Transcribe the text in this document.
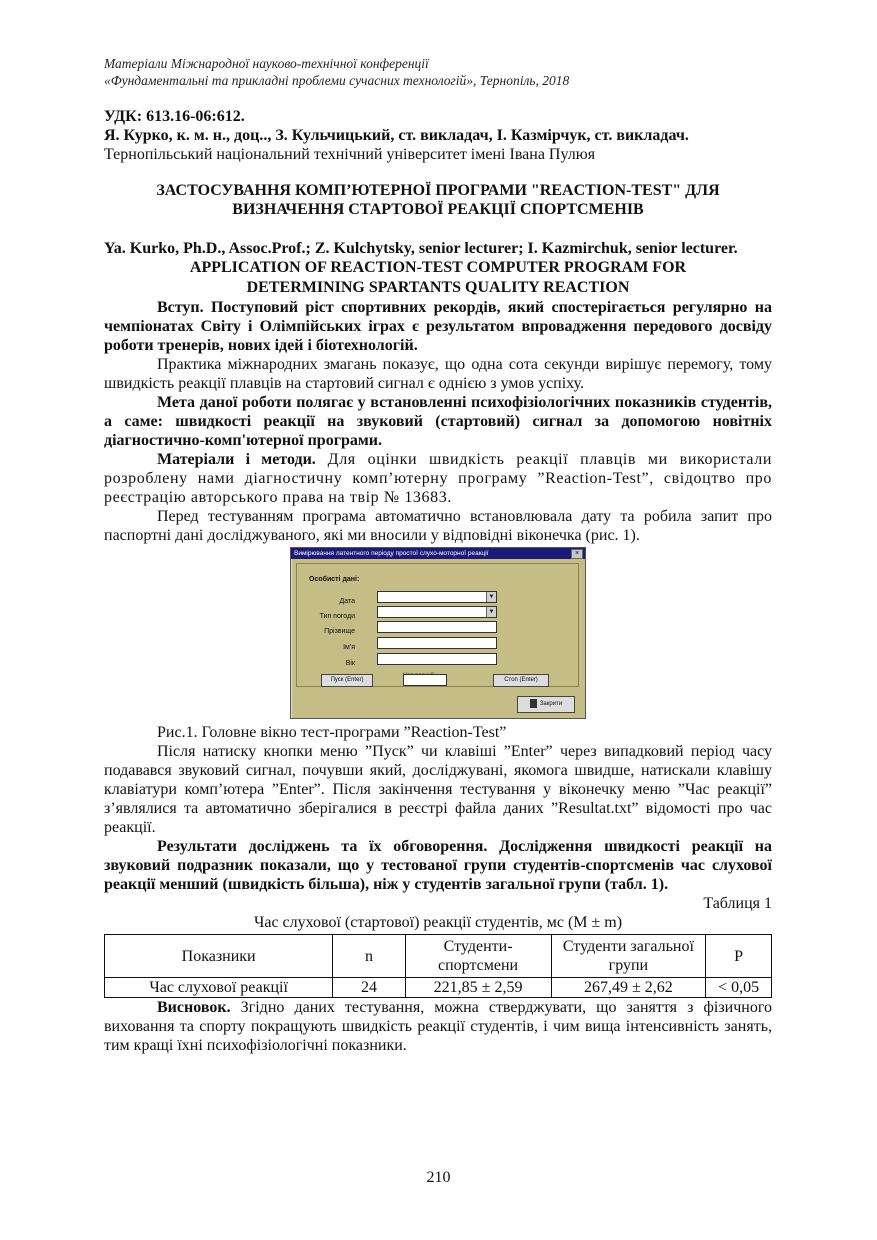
Матеріали Міжнародної науково-технічної конференції
«Фундаментальні та прикладні проблеми сучасних технологій», Тернопіль, 2018
УДК: 613.16-06:612.
Я. Курко, к. м. н., доц.., З. Кульчицький, ст. викладач, І. Казмірчук, ст. викладач.
Тернопільський національний технічний університет імені Івана Пулюя
ЗАСТОСУВАННЯ КОМП’ЮТЕРНОЇ ПРОГРАМИ "REACTION-TEST" ДЛЯ
ВИЗНАЧЕННЯ СТАРТОВОЇ РЕАКЦІЇ СПОРТСМЕНІВ
Ya. Kurko, Ph.D., Assoc.Prof.; Z. Kulchytsky, senior lecturer; I. Kazmirchuk, senior lecturer.
APPLICATION OF REACTION-TEST COMPUTER PROGRAM FOR
DETERMINING SPARTANTS QUALITY REACTION

Вступ. Поступовий ріст спортивних рекордів, який спостерігається регулярно на чемпіонатах Світу і Олімпійських іграх є результатом впровадження передового досвіду роботи тренерів, нових ідей і біотехнологій.

Практика міжнародних змагань показує, що одна сота секунди вирішує перемогу, тому швидкість реакції плавців на стартовий сигнал є однією з умов успіху.

Мета даної роботи полягає у встановленні психофізіологічних показників студентів, а саме: швидкості реакції на звуковий (стартовий) сигнал за допомогою новітніх діагностично-комп'ютерної програми.

Матеріали і методи. Для оцінки швидкість реакції плавців ми використали розроблену нами діагностичну комп’ютерну програму ”Reaction-Test”, свідоцтво про реєстрацію авторського права на твір № 13683.

Перед тестуванням програма автоматично встановлювала дату та робила запит про паспортні дані досліджуваного, які ми вносили у відповідні віконечка (рис. 1).

Вимірювання латентного періоду простої слухо-моторної реакції	×
Особисті дані:
Дата
▼
Тип погоди
▼
Прізвище
Ім'я
Вік
Пуск (Enter)	Стоп (Enter)
Закрити
Рис.1. Головне вікно тест-програми ”Reaction-Test”

Після натиску кнопки меню ”Пуск” чи клавіші ”Enter” через випадковий період часу подавався звуковий сигнал, почувши який, досліджувані, якомога швидше, натискали клавішу клавіатури комп’ютера ”Enter”. Після закінчення тестування у віконечку меню ”Час реакції” з’являлися та автоматично зберігалися в реєстрі файла даних ”Resultat.txt” відомості про час реакції.

Результати досліджень та їх обговорення. Дослідження швидкості реакції на звуковий подразник показали, що у тестованої групи студентів-спортсменів час слухової реакції менший (швидкість більша), ніж у студентів загальної групи (табл. 1).

Таблиця 1
Час слухової (стартової) реакції студентів, мс (M ± m)
Показники	n	Студенти-спортсмени	Студенти загальної групи	P
Час слухової реакції	24	221,85 ± 2,59	267,49 ± 2,62	< 0,05

Висновок. Згідно даних тестування, можна стверджувати, що заняття з фізичного виховання та спорту покращують швидкість реакції студентів, і чим вища інтенсивність занять, тим кращі їхні психофізіологічні показники.

210
